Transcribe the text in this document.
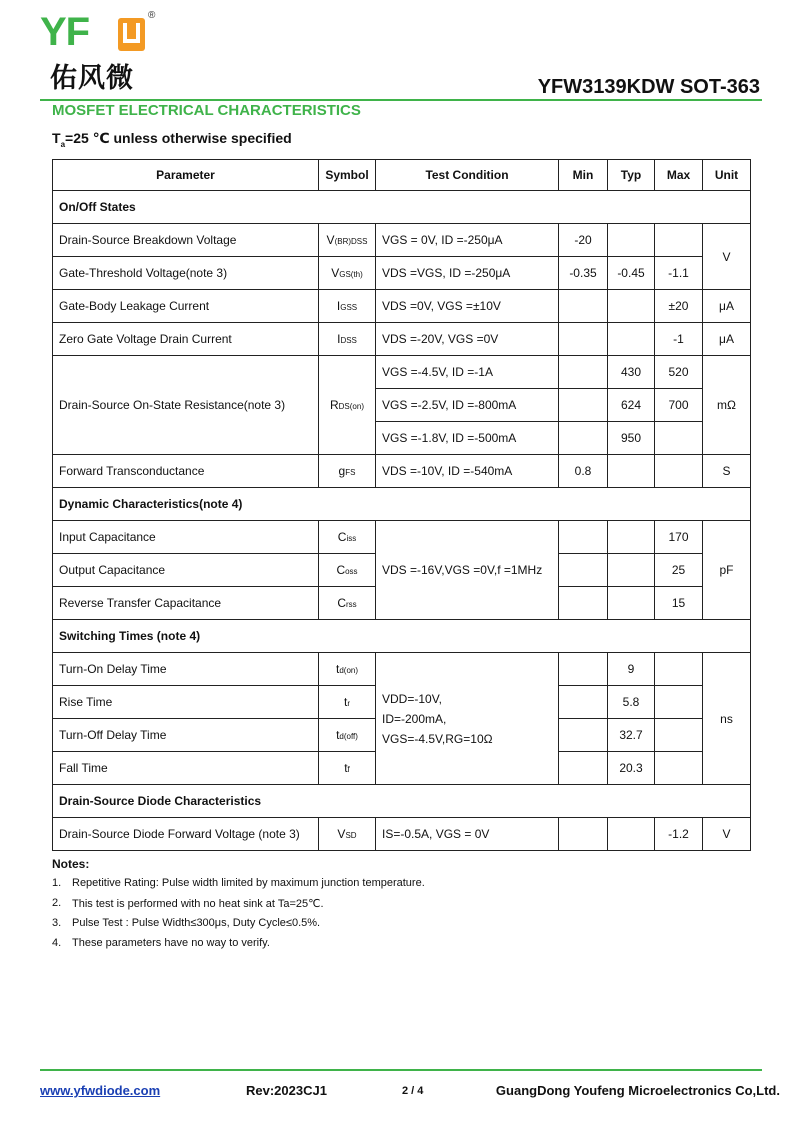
YF	®
佑风微	YFW3139KDW SOT-363
MOSFET ELECTRICAL CHARACTERISTICS
$T_a=25$ ℃ unless otherwise specified
Parameter	Symbol	Test Condition	Min	Typ	Max	Unit
On/Off States						
Drain-Source Breakdown Voltage	V(BR)DSS	VGS = 0V, ID =-250μA	-20			V
Gate-Threshold Voltage(note 3)	VGS(th)	VDS =VGS, ID =-250μA	-0.35	-0.45	-1.1	
Gate-Body Leakage Current	IGSS	VDS =0V, VGS =±10V			±20	μA
Zero Gate Voltage Drain Current	IDSS	VDS =-20V, VGS =0V			-1	μA
Drain-Source On-State Resistance(note 3)	RDS(on)	VGS =-4.5V, ID =-1A		430	520	mΩ
		VGS =-2.5V, ID =-800mA		624	700	
		VGS =-1.8V, ID =-500mA		950		
Forward Transconductance	gFS	VDS =-10V, ID =-540mA	0.8			S
Dynamic Characteristics(note 4)						
Input Capacitance	Ciss	VDS =-16V,VGS =0V,f =1MHz			170	pF
Output Capacitance	Coss				25	
Reverse Transfer Capacitance	Crss				15	
Switching Times (note 4)						
Turn-On Delay Time	td(on)	VDD=-10V,
ID=-200mA,
VGS=-4.5V,RG=10Ω		9		ns
Rise Time	tr			5.8		
Turn-Off Delay Time	td(off)			32.7		
Fall Time	tf			20.3		
Drain-Source Diode Characteristics						
Drain-Source Diode Forward Voltage (note 3)	VSD	IS=-0.5A, VGS = 0V			-1.2	V
Notes:
1. Repetitive Rating: Pulse width limited by maximum junction temperature.
2. This test is performed with no heat sink at Ta=25℃.
3. Pulse Test : Pulse Width≤300μs, Duty Cycle≤0.5%.
4. These parameters have no way to verify.
www.yfwdiode.com	Rev:2023CJ1	2 / 4	GuangDong Youfeng Microelectronics Co,Ltd.
